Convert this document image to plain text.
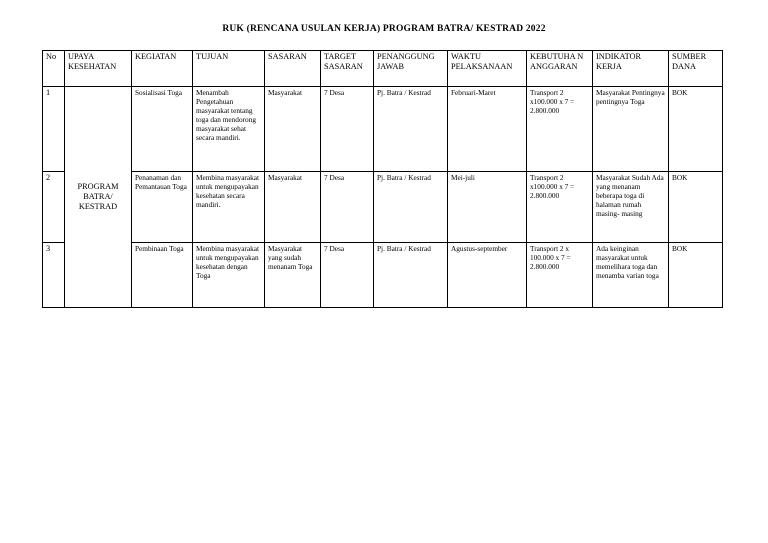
RUK (RENCANA USULAN KERJA) PROGRAM BATRA/ KESTRAD 2022
No	UPAYA KESEHATAN	KEGIATAN	TUJUAN	SASARAN	TARGET SASARAN	PENANGGUNG JAWAB	WAKTU PELAKSANAAN	KEBUTUHA N ANGGARAN	INDIKATOR KERJA	SUMBER DANA
1	PROGRAM BATRA/ KESTRAD	Sosialisasi Toga	Menambah Pengetahuan masyarakat tentang toga dan mendorong masyarakat sehat secara mandiri.	Masyarakat	7 Desa	Pj. Batra / Kestrad	Februari-Maret	Transport 2 x100.000 x 7 = 2.800.000	Masyarakat Pentingnya pentingnya Toga	BOK
2		Penanaman dan Pemantauan Toga	Membina masyarakat untuk mengupayakan kesehatan secara mandiri.	Masyarakat	7 Desa	Pj. Batra / Kestrad	Mei-juli	Transport 2 x100.000 x 7 = 2.800.000	Masyarakat Sudah Ada yang menanam beberapa toga di halaman rumah masing- masing	BOK
3		Pembinaan Toga	Membina masyarakat untuk mengupayakan kesehatan dengan Toga	Masyarakat yang sudah menanam Toga	7 Desa	Pj. Batra / Kestrad	Agustus-september	Transport 2 x 100.000 x 7 = 2.800.000	Ada keinginan masyarakat untuk memelihara toga dan menamba varian toga	BOK
